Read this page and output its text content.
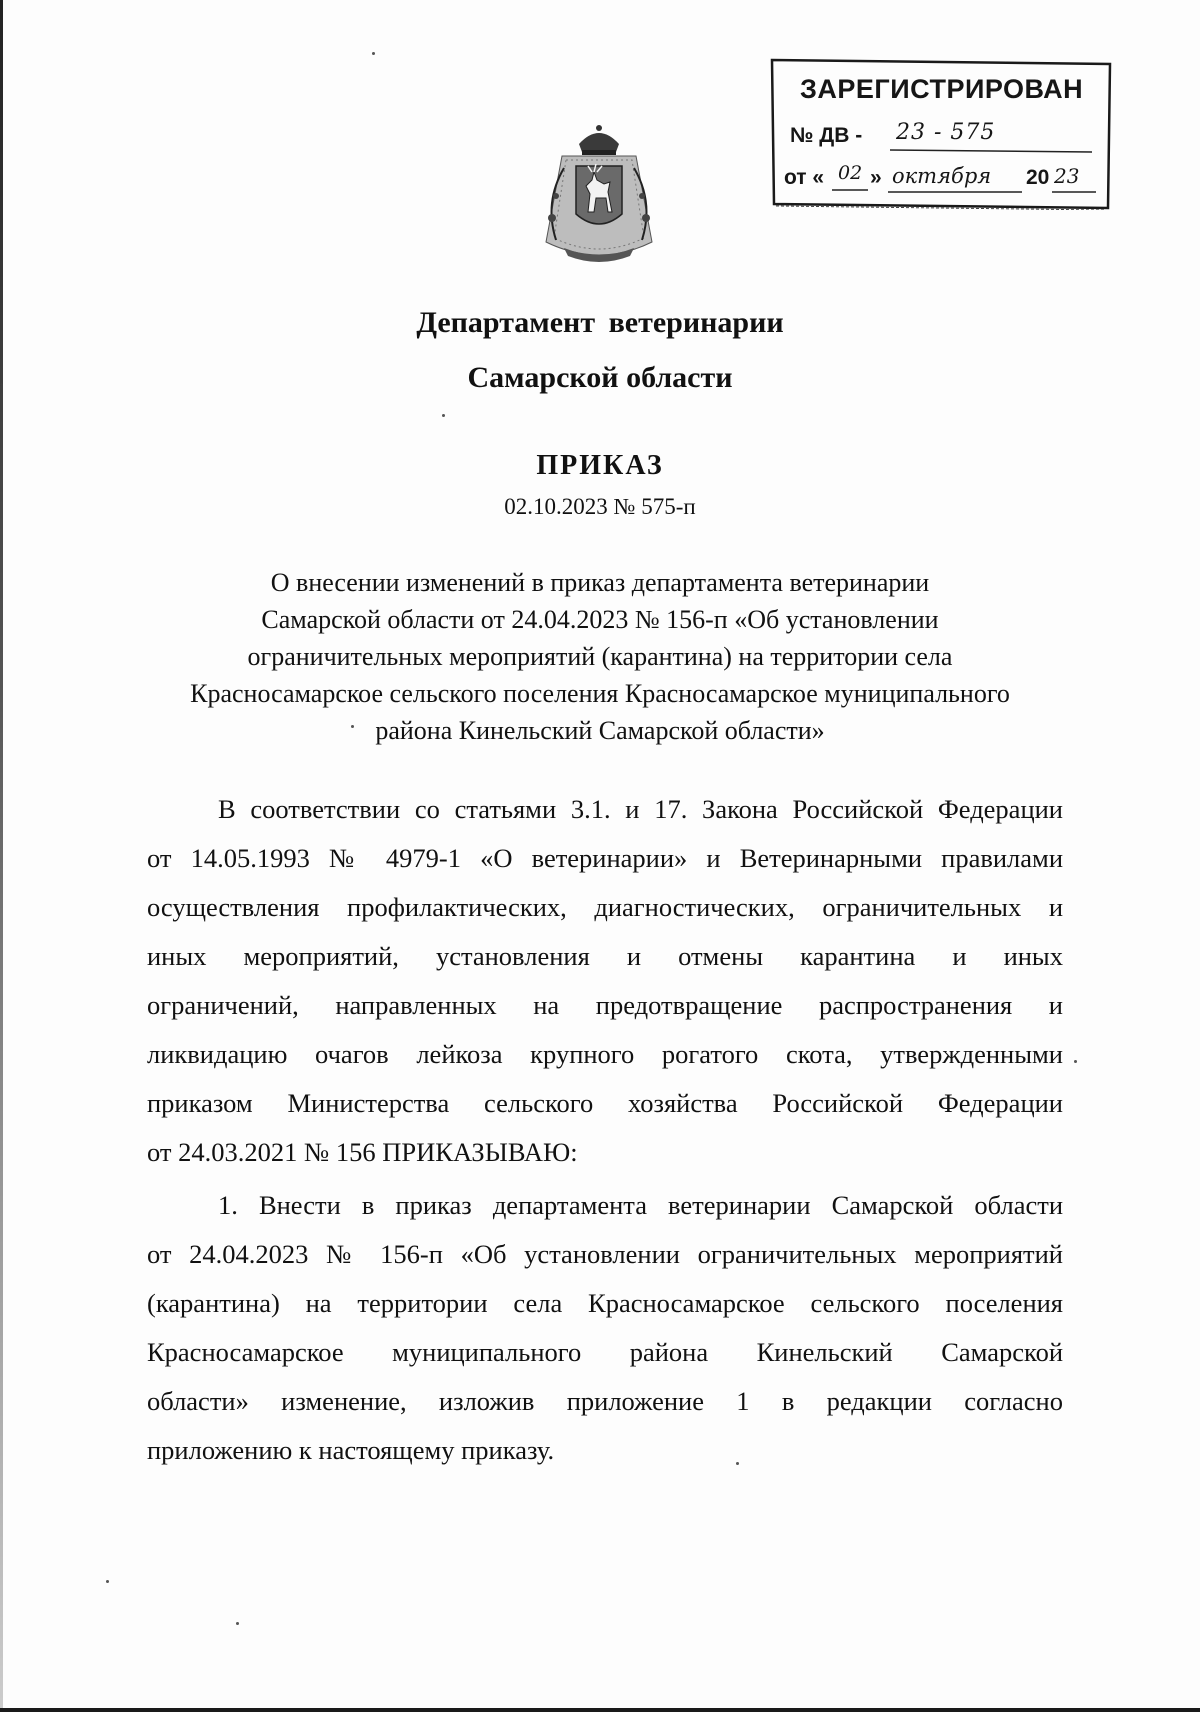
ЗАРЕГИСТРИРОВАН
№ ДВ - 23 - 575
от « 02 » октября 20 23
Департамент ветеринарии
Самарской области
ПРИКАЗ
02.10.2023 № 575-п
О внесении изменений в приказ департамента ветеринарии
Самарской области от 24.04.2023 № 156-п «Об установлении
ограничительных мероприятий (карантина) на территории села
Красносамарское сельского поселения Красносамарское муниципального
района Кинельский Самарской области»
В соответствии со статьями 3.1. и 17. Закона Российской Федерации
от 14.05.1993 № 4979-1 «О ветеринарии» и Ветеринарными правилами
осуществления профилактических, диагностических, ограничительных и
иных мероприятий, установления и отмены карантина и иных
ограничений, направленных на предотвращение распространения и
ликвидацию очагов лейкоза крупного рогатого скота, утвержденными
приказом Министерства сельского хозяйства Российской Федерации
от 24.03.2021 № 156 ПРИКАЗЫВАЮ:
1. Внести в приказ департамента ветеринарии Самарской области
от 24.04.2023 № 156-п «Об установлении ограничительных мероприятий
(карантина) на территории села Красносамарское сельского поселения
Красносамарское муниципального района Кинельский Самарской
области» изменение, изложив приложение 1 в редакции согласно
приложению к настоящему приказу.
